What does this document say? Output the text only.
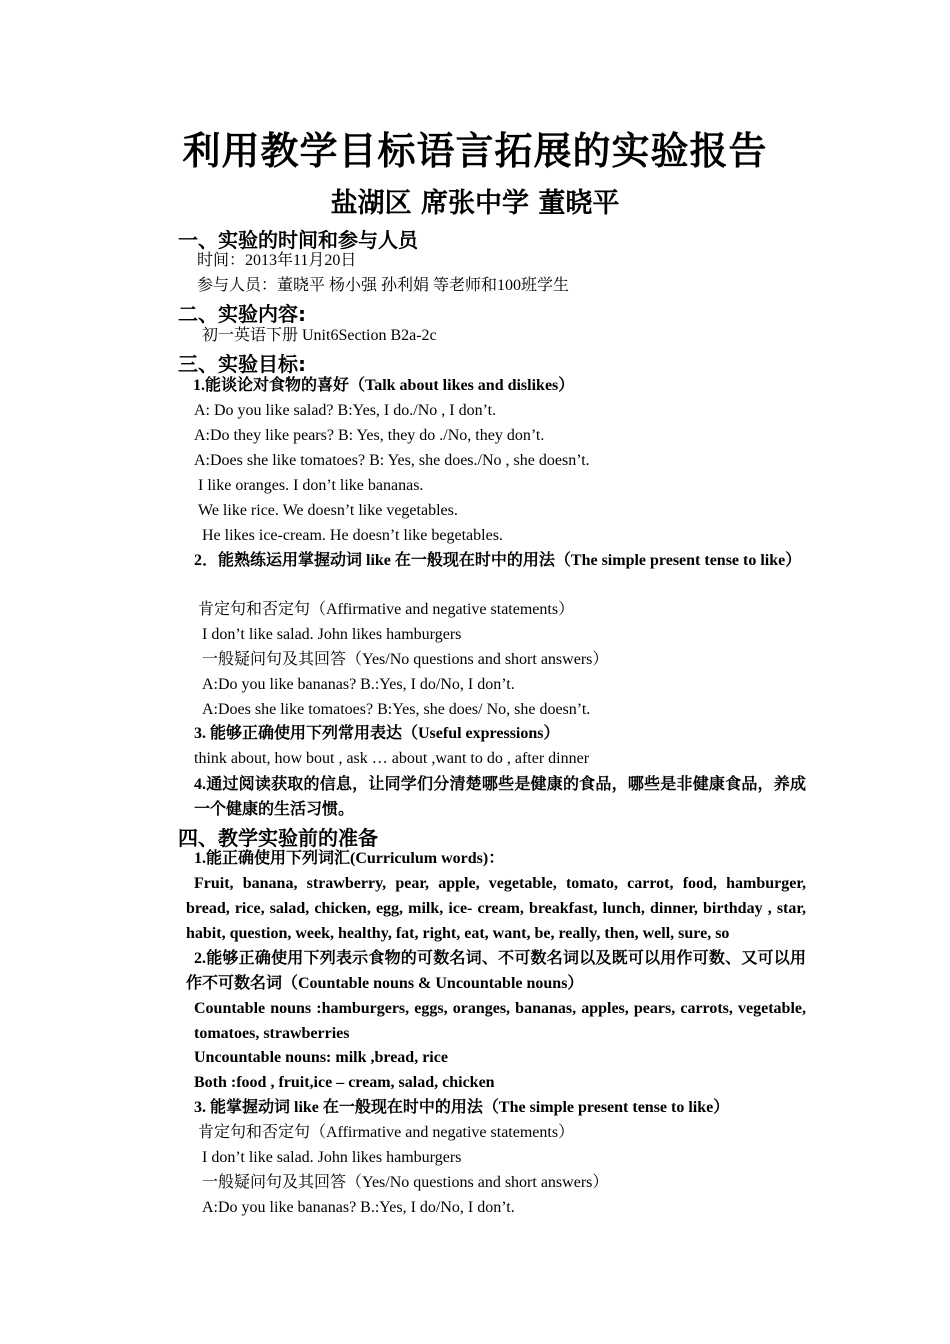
利用教学目标语言拓展的实验报告
盐湖区 席张中学 董晓平
一、实验的时间和参与人员
时间：2013年11月20日
参与人员：董晓平 杨小强 孙利娟 等老师和100班学生
二、实验内容:
初一英语下册 Unit6Section B2a-2c
三、实验目标:
1.能谈论对食物的喜好（Talk about likes and dislikes）
A: Do you like salad? B:Yes, I do./No , I don’t.
A:Do they like pears? B: Yes, they do ./No, they don’t.
A:Does she like tomatoes? B: Yes, she does./No , she doesn’t.
I like oranges. I don’t like bananas.
We like rice. We doesn’t like vegetables.
He likes ice-cream. He doesn’t like begetables.
2．能熟练运用掌握动词 like 在一般现在时中的用法（The simple present tense to like）
肯定句和否定句（Affirmative and negative statements）
I don’t like salad. John likes hamburgers
一般疑问句及其回答（Yes/No questions and short answers）
A:Do you like bananas? B.:Yes, I do/No, I don’t.
A:Does she like tomatoes? B:Yes, she does/ No, she doesn’t.
3. 能够正确使用下列常用表达（Useful expressions）
think about, how bout , ask … about ,want to do , after dinner
4.通过阅读获取的信息，让同学们分清楚哪些是健康的食品，哪些是非健康食品，养成一个健康的生活习惯。
四、教学实验前的准备
1.能正确使用下列词汇(Curriculum words)：
Fruit, banana, strawberry, pear, apple, vegetable, tomato, carrot, food, hamburger, bread, rice, salad, chicken, egg, milk, ice- cream, breakfast, lunch, dinner, birthday , star, habit, question, week, healthy, fat, right, eat, want, be, really, then, well, sure, so
2.能够正确使用下列表示食物的可数名词、不可数名词以及既可以用作可数、又可以用作不可数名词（Countable nouns & Uncountable nouns）
Countable nouns :hamburgers, eggs, oranges, bananas, apples, pears, carrots, vegetable, tomatoes, strawberries
Uncountable nouns: milk ,bread, rice
Both :food , fruit,ice – cream, salad, chicken
3. 能掌握动词 like 在一般现在时中的用法（The simple present tense to like）
肯定句和否定句（Affirmative and negative statements）
I don’t like salad. John likes hamburgers
一般疑问句及其回答（Yes/No questions and short answers）
A:Do you like bananas? B.:Yes, I do/No, I don’t.
